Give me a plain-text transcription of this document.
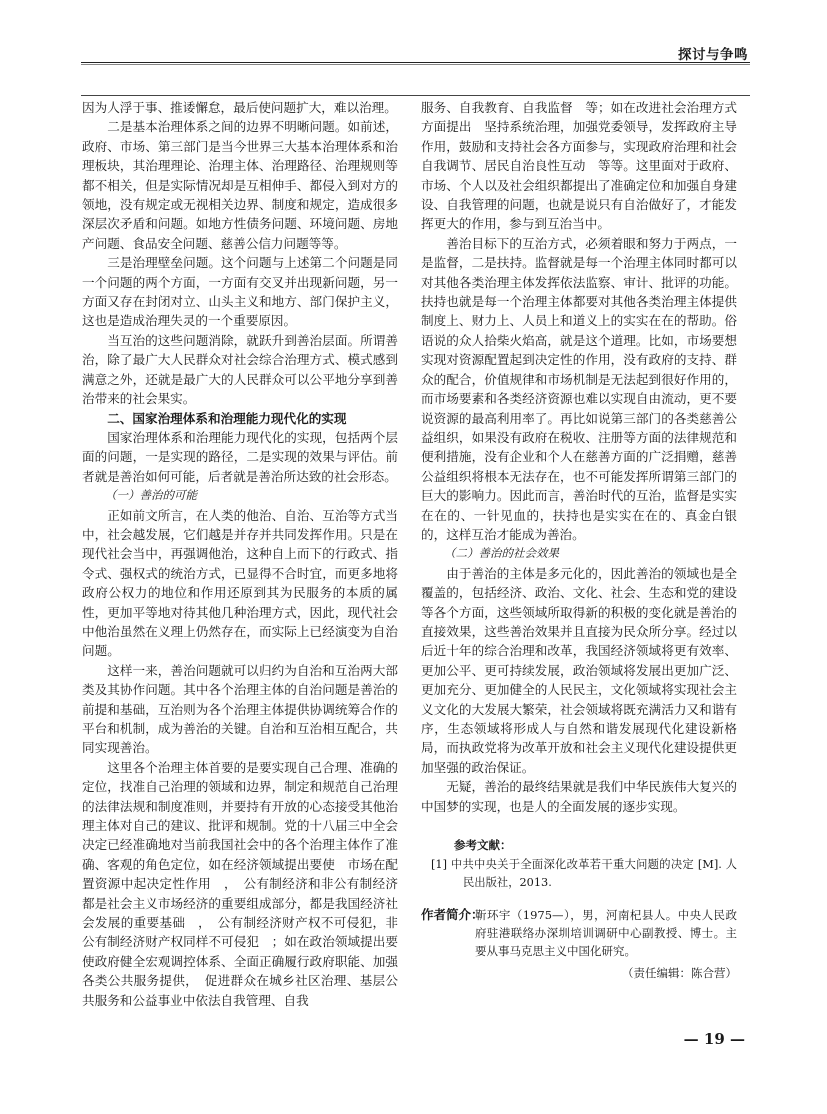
探讨与争鸣

因为人浮于事、推诿懈怠，最后使问题扩大，难以治理。

二是基本治理体系之间的边界不明晰问题。如前述，政府、市场、第三部门是当今世界三大基本治理体系和治理板块，其治理理论、治理主体、治理路径、治理规则等都不相关，但是实际情况却是互相伸手、都侵入到对方的领地，没有规定或无视相关边界、制度和规定，造成很多深层次矛盾和问题。如地方性债务问题、环境问题、房地产问题、食品安全问题、慈善公信力问题等等。

三是治理壁垒问题。这个问题与上述第二个问题是同一个问题的两个方面，一方面有交叉并出现新问题，另一方面又存在封闭对立、山头主义和地方、部门保护主义，这也是造成治理失灵的一个重要原因。

当互治的这些问题消除，就跃升到善治层面。所谓善治，除了最广大人民群众对社会综合治理方式、模式感到满意之外，还就是最广大的人民群众可以公平地分享到善治带来的社会果实。

二、国家治理体系和治理能力现代化的实现

国家治理体系和治理能力现代化的实现，包括两个层面的问题，一是实现的路径，二是实现的效果与评估。前者就是善治如何可能，后者就是善治所达致的社会形态。

（一）善治的可能

正如前文所言，在人类的他治、自治、互治等方式当中，社会越发展，它们越是并存并共同发挥作用。只是在现代社会当中，再强调他治，这种自上而下的行政式、指令式、强权式的统治方式，已显得不合时宜，而更多地将政府公权力的地位和作用还原到其为民服务的本质的属性，更加平等地对待其他几种治理方式，因此，现代社会中他治虽然在义理上仍然存在，而实际上已经演变为自治问题。

这样一来，善治问题就可以归约为自治和互治两大部类及其协作问题。其中各个治理主体的自治问题是善治的前提和基础，互治则为各个治理主体提供协调统筹合作的平台和机制，成为善治的关键。自治和互治相互配合，共同实现善治。

这里各个治理主体首要的是要实现自己合理、准确的定位，找准自己治理的领域和边界，制定和规范自己治理的法律法规和制度准则，并要持有开放的心态接受其他治理主体对自己的建议、批评和规制。党的十八届三中全会决定已经准确地对当前我国社会中的各个治理主体作了准确、客观的角色定位，如在经济领域提出要使　市场在配置资源中起决定性作用　，　公有制经济和非公有制经济都是社会主义市场经济的重要组成部分，都是我国经济社会发展的重要基础　，　公有制经济财产权不可侵犯，非公有制经济财产权同样不可侵犯　；如在政治领域提出要使政府健全宏观调控体系、全面正确履行政府职能、加强各类公共服务提供，　促进群众在城乡社区治理、基层公共服务和公益事业中依法自我管理、自我

服务、自我教育、自我监督　等；如在改进社会治理方式方面提出　坚持系统治理，加强党委领导，发挥政府主导作用，鼓励和支持社会各方面参与，实现政府治理和社会自我调节、居民自治良性互动　等等。这里面对于政府、市场、个人以及社会组织都提出了准确定位和加强自身建设、自我管理的问题，也就是说只有自治做好了，才能发挥更大的作用，参与到互治当中。

善治目标下的互治方式，必须着眼和努力于两点，一是监督，二是扶持。监督就是每一个治理主体同时都可以对其他各类治理主体发挥依法监察、审计、批评的功能。扶持也就是每一个治理主体都要对其他各类治理主体提供制度上、财力上、人员上和道义上的实实在在的帮助。俗语说的众人拾柴火焰高，就是这个道理。比如，市场要想实现对资源配置起到决定性的作用，没有政府的支持、群众的配合，价值规律和市场机制是无法起到很好作用的，而市场要素和各类经济资源也难以实现自由流动，更不要说资源的最高利用率了。再比如说第三部门的各类慈善公益组织，如果没有政府在税收、注册等方面的法律规范和便利措施，没有企业和个人在慈善方面的广泛捐赠，慈善公益组织将根本无法存在，也不可能发挥所谓第三部门的巨大的影响力。因此而言，善治时代的互治，监督是实实在在的、一针见血的，扶持也是实实在在的、真金白银的，这样互治才能成为善治。

（二）善治的社会效果

由于善治的主体是多元化的，因此善治的领域也是全覆盖的，包括经济、政治、文化、社会、生态和党的建设等各个方面，这些领域所取得新的积极的变化就是善治的直接效果，这些善治效果并且直接为民众所分享。经过以后近十年的综合治理和改革，我国经济领域将更有效率、更加公平、更可持续发展，政治领域将发展出更加广泛、更加充分、更加健全的人民民主，文化领域将实现社会主义文化的大发展大繁荣，社会领域将既充满活力又和谐有序，生态领域将形成人与自然和谐发展现代化建设新格局，而执政党将为改革开放和社会主义现代化建设提供更加坚强的政治保证。

无疑，善治的最终结果就是我们中华民族伟大复兴的中国梦的实现，也是人的全面发展的逐步实现。

参考文献：

[1] 中共中央关于全面深化改革若干重大问题的决定 [M]. 人民出版社，2013.

作者简介：
靳环宇（1975—），男，河南杞县人。中央人民政府驻港联络办深圳培训调研中心副教授、博士。主要从事马克思主义中国化研究。
（责任编辑：陈合营）
— 19 —
